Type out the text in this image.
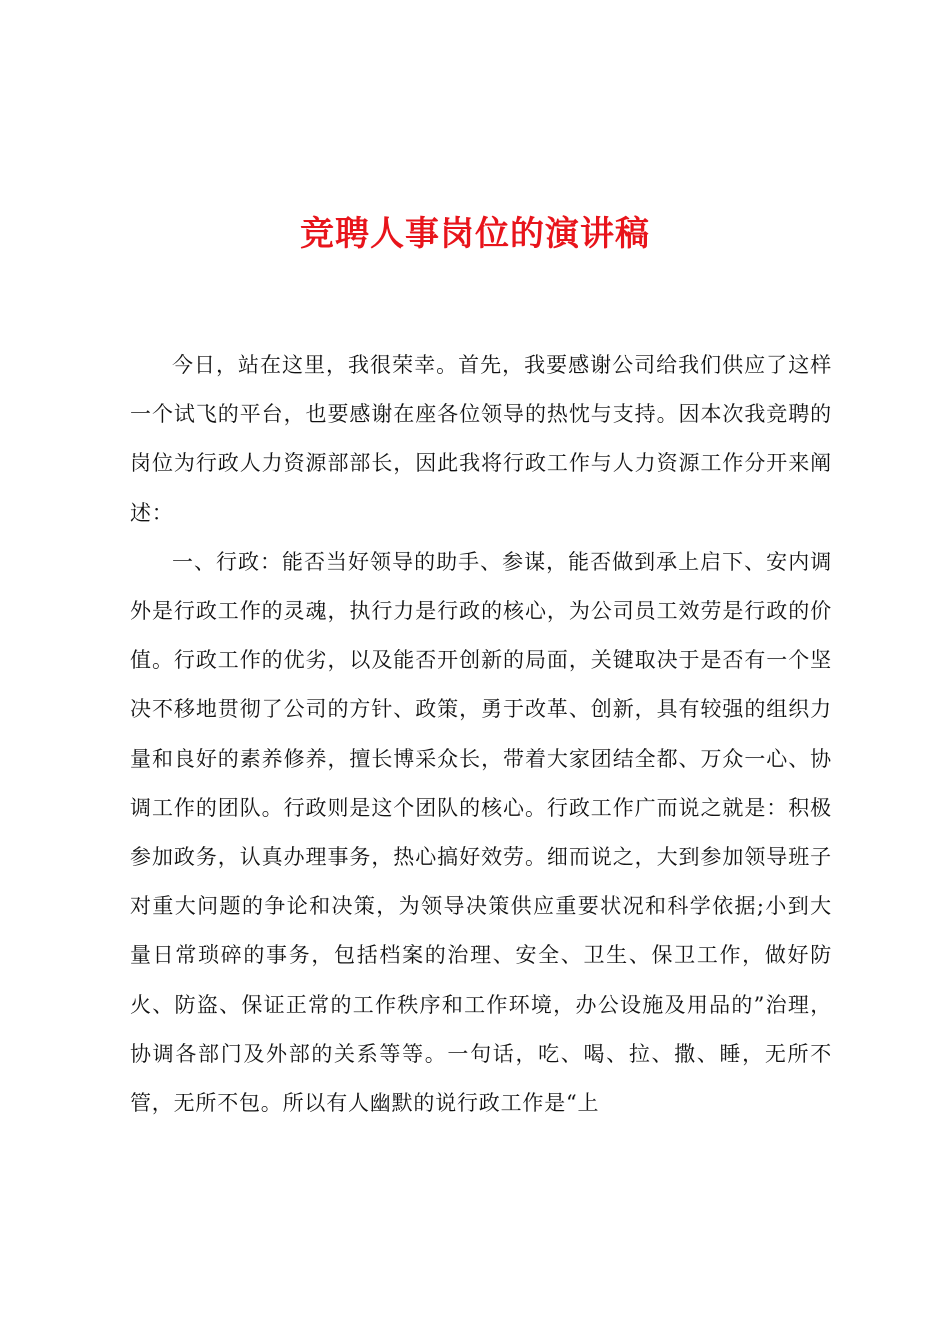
竞聘人事岗位的演讲稿

今日，站在这里，我很荣幸。首先，我要感谢公司给我们供应了这样一个试飞的平台，也要感谢在座各位领导的热忱与支持。因本次我竞聘的岗位为行政人力资源部部长，因此我将行政工作与人力资源工作分开来阐述：

一、行政：能否当好领导的助手、参谋，能否做到承上启下、安内调外是行政工作的灵魂，执行力是行政的核心，为公司员工效劳是行政的价值。行政工作的优劣，以及能否开创新的局面，关键取决于是否有一个坚决不移地贯彻了公司的方针、政策，勇于改革、创新，具有较强的组织力量和良好的素养修养，擅长博采众长，带着大家团结全都、万众一心、协调工作的团队。行政则是这个团队的核心。行政工作广而说之就是：积极参加政务，认真办理事务，热心搞好效劳。细而说之，大到参加领导班子对重大问题的争论和决策，为领导决策供应重要状况和科学依据;小到大量日常琐碎的事务，包括档案的治理、安全、卫生、保卫工作，做好防火、防盗、保证正常的工作秩序和工作环境，办公设施及用品的”治理，协调各部门及外部的关系等等。一句话，吃、喝、拉、撒、睡，无所不管，无所不包。所以有人幽默的说行政工作是“上
